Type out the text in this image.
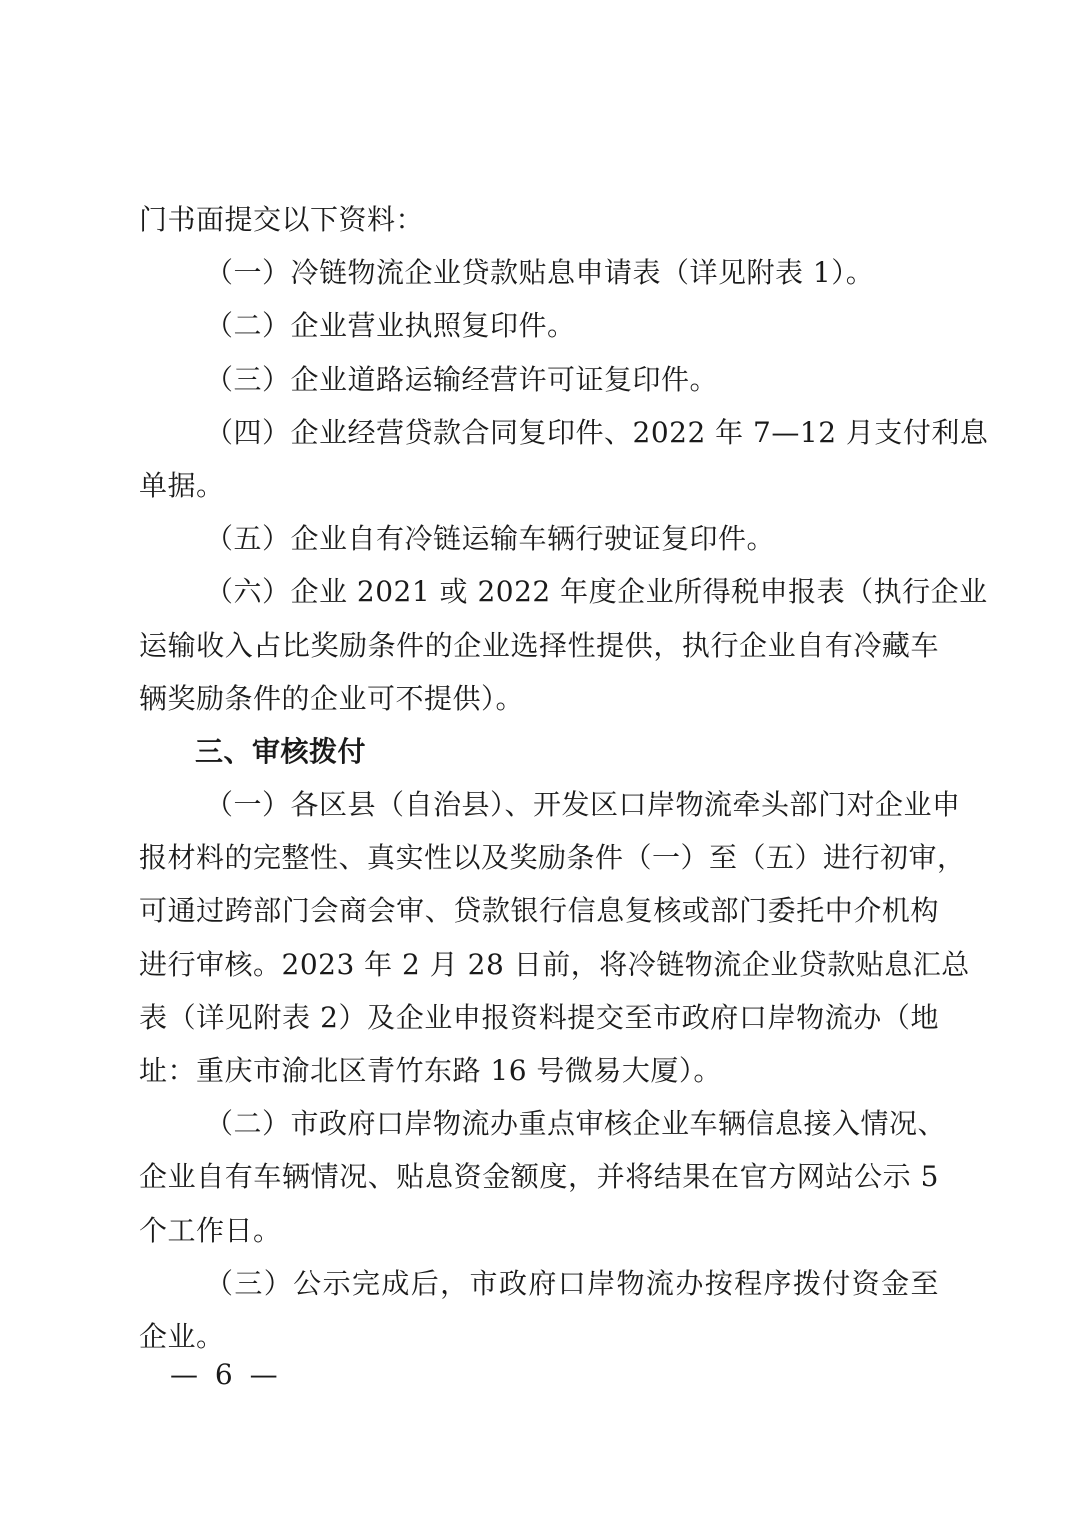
门书面提交以下资料：
（一）冷链物流企业贷款贴息申请表（详见附表 1）。
（二）企业营业执照复印件。
（三）企业道路运输经营许可证复印件。
（四）企业经营贷款合同复印件、2022 年 7—12 月支付利息
单据。
（五）企业自有冷链运输车辆行驶证复印件。
（六）企业 2021 或 2022 年度企业所得税申报表（执行企业
运输收入占比奖励条件的企业选择性提供，执行企业自有冷藏车
辆奖励条件的企业可不提供）。
三、审核拨付
（一）各区县（自治县）、开发区口岸物流牵头部门对企业申
报材料的完整性、真实性以及奖励条件（一）至（五）进行初审，
可通过跨部门会商会审、贷款银行信息复核或部门委托中介机构
进行审核。2023 年 2 月 28 日前，将冷链物流企业贷款贴息汇总
表（详见附表 2）及企业申报资料提交至市政府口岸物流办（地
址：重庆市渝北区青竹东路 16 号微易大厦）。
（二）市政府口岸物流办重点审核企业车辆信息接入情况、
企业自有车辆情况、贴息资金额度，并将结果在官方网站公示 5
个工作日。
（三）公示完成后，市政府口岸物流办按程序拨付资金至
企业。
— 6 —
